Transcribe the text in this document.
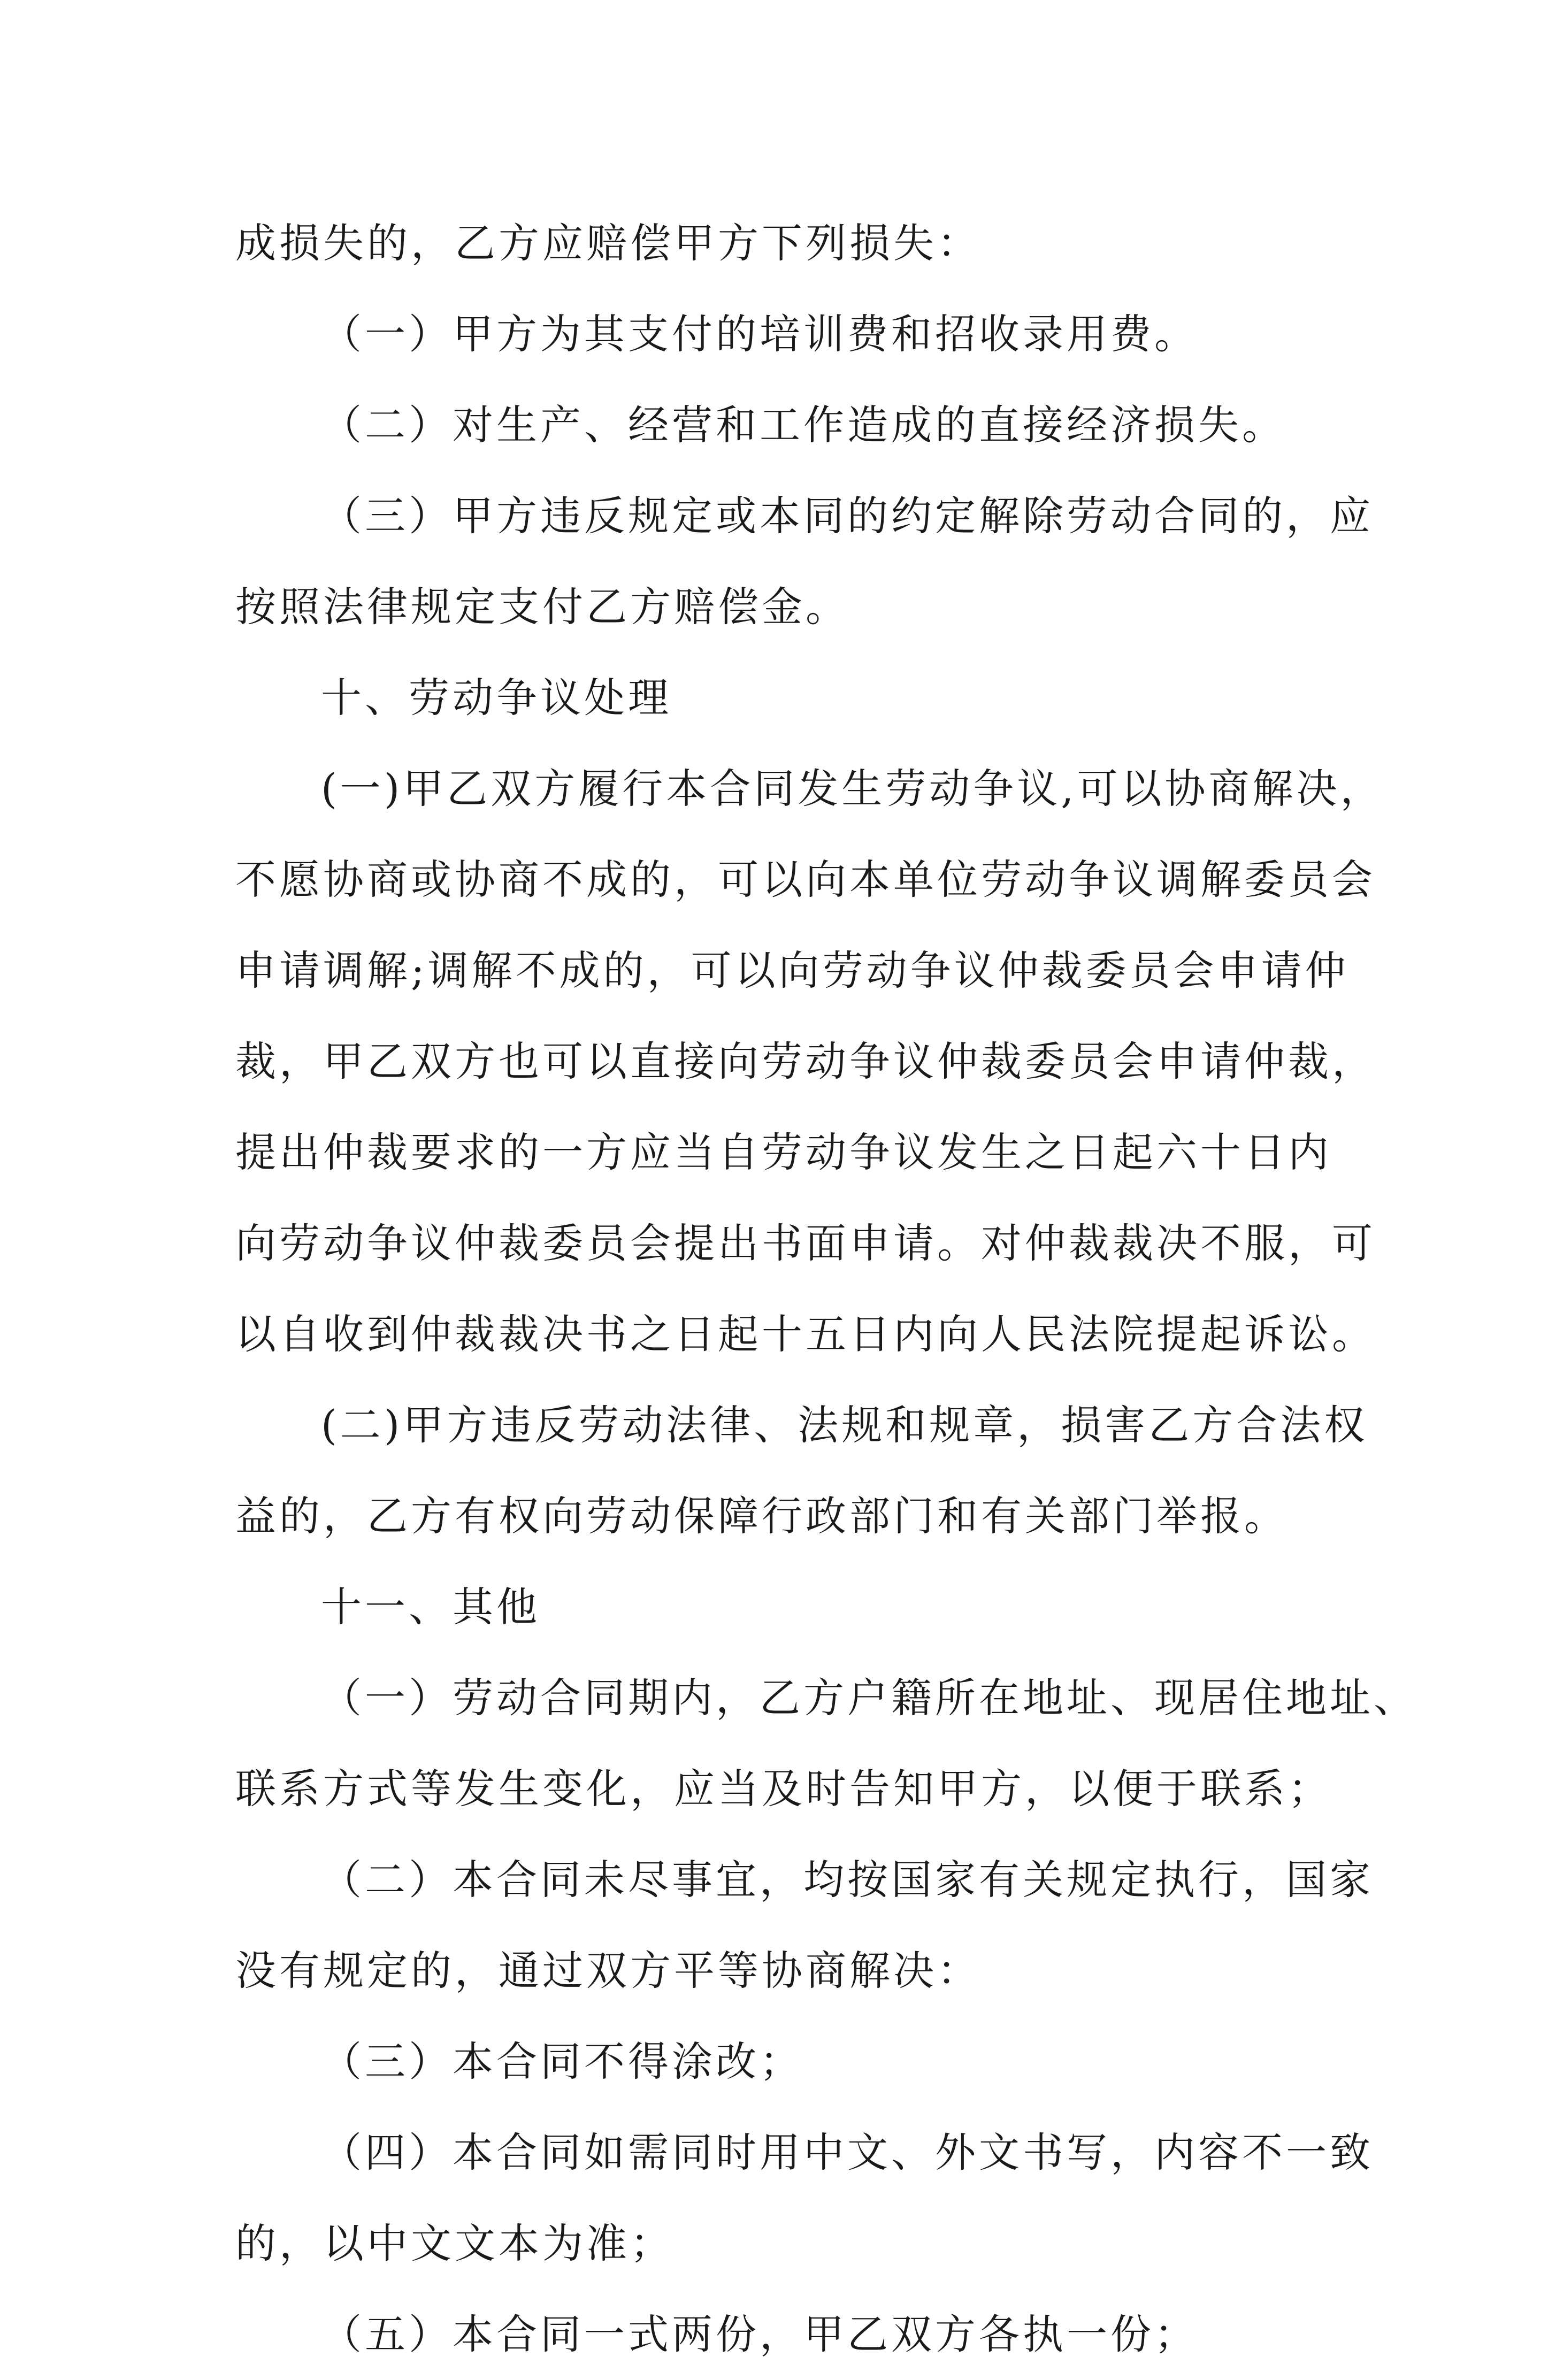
成损失的，乙方应赔偿甲方下列损失：
（一）甲方为其支付的培训费和招收录用费。
（二）对生产、经营和工作造成的直接经济损失。
（三）甲方违反规定或本同的约定解除劳动合同的，应
按照法律规定支付乙方赔偿金。
十、劳动争议处理
(一)甲乙双方履行本合同发生劳动争议,可以协商解决，
不愿协商或协商不成的，可以向本单位劳动争议调解委员会
申请调解;调解不成的，可以向劳动争议仲裁委员会申请仲
裁，甲乙双方也可以直接向劳动争议仲裁委员会申请仲裁，
提出仲裁要求的一方应当自劳动争议发生之日起六十日内
向劳动争议仲裁委员会提出书面申请。对仲裁裁决不服，可
以自收到仲裁裁决书之日起十五日内向人民法院提起诉讼。
(二)甲方违反劳动法律、法规和规章，损害乙方合法权
益的，乙方有权向劳动保障行政部门和有关部门举报。
十一、其他
（一）劳动合同期内，乙方户籍所在地址、现居住地址、
联系方式等发生变化，应当及时告知甲方，以便于联系；
（二）本合同未尽事宜，均按国家有关规定执行，国家
没有规定的，通过双方平等协商解决：
（三）本合同不得涂改；
（四）本合同如需同时用中文、外文书写，内容不一致
的，以中文文本为准；
（五）本合同一式两份，甲乙双方各执一份；
